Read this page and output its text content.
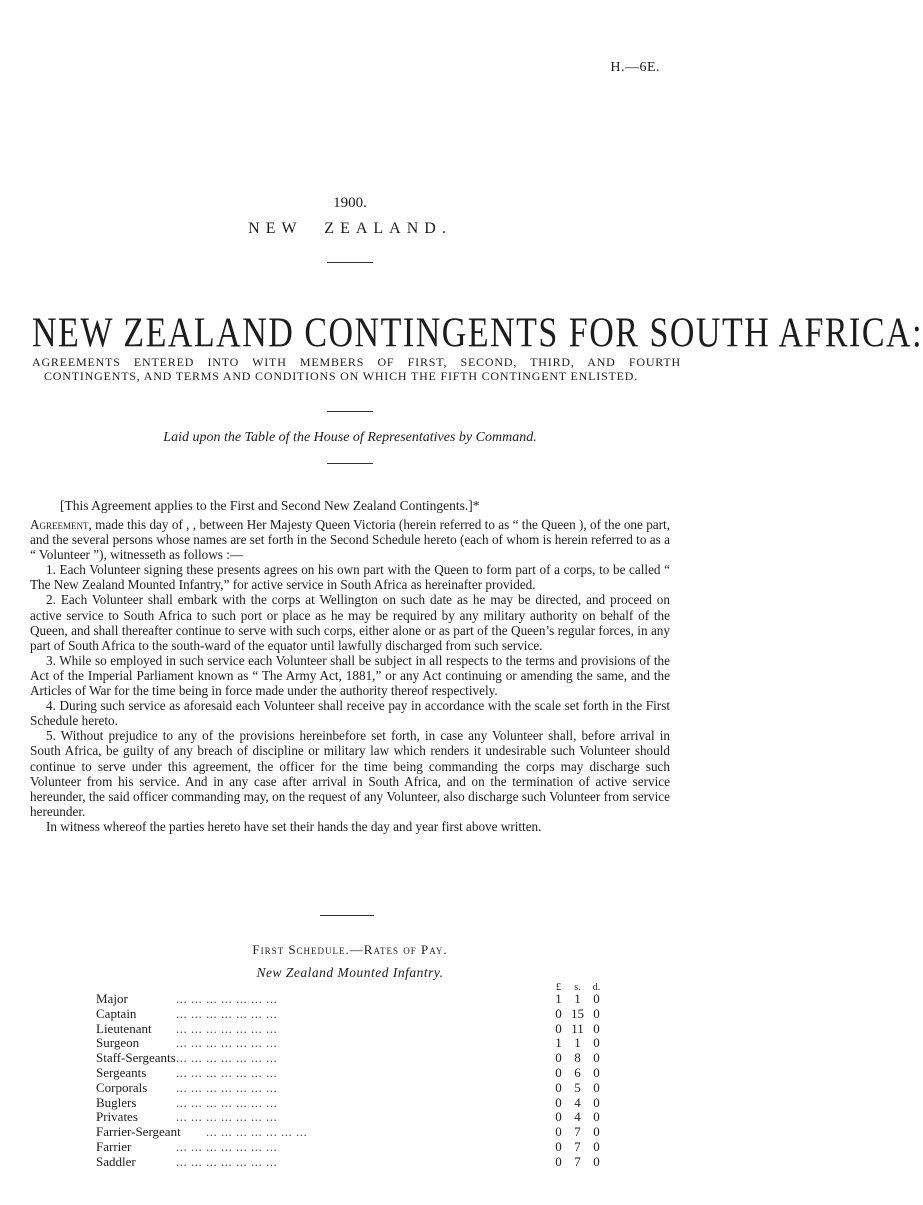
H.—6E.
1900.
NEW ZEALAND.
NEW ZEALAND CONTINGENTS FOR SOUTH AFRICA:
AGREEMENTS ENTERED INTO WITH MEMBERS OF FIRST, SECOND, THIRD, AND FOURTH CONTINGENTS, AND TERMS AND CONDITIONS ON WHICH THE FIFTH CONTINGENT ENLISTED.
Laid upon the Table of the House of Representatives by Command.
[This Agreement applies to the First and Second New Zealand Contingents.]*

Agreement, made this day of , , between Her Majesty Queen Victoria (herein referred to as “ the Queen ), of the one part, and the several persons whose names are set forth in the Second Schedule hereto (each of whom is herein referred to as a “ Volunteer ”), witnesseth as follows :—

1. Each Volunteer signing these presents agrees on his own part with the Queen to form part of a corps, to be called “ The New Zealand Mounted Infantry,” for active service in South Africa as hereinafter provided.

2. Each Volunteer shall embark with the corps at Wellington on such date as he may be directed, and proceed on active service to South Africa to such port or place as he may be required by any military authority on behalf of the Queen, and shall thereafter continue to serve with such corps, either alone or as part of the Queen’s regular forces, in any part of South Africa to the south-ward of the equator until lawfully discharged from such service.

3. While so employed in such service each Volunteer shall be subject in all respects to the terms and provisions of the Act of the Imperial Parliament known as “ The Army Act, 1881,” or any Act continuing or amending the same, and the Articles of War for the time being in force made under the authority thereof respectively.

4. During such service as aforesaid each Volunteer shall receive pay in accordance with the scale set forth in the First Schedule hereto.

5. Without prejudice to any of the provisions hereinbefore set forth, in case any Volunteer shall, before arrival in South Africa, be guilty of any breach of discipline or military law which renders it undesirable such Volunteer should continue to serve under this agreement, the officer for the time being commanding the corps may discharge such Volunteer from his service. And in any case after arrival in South Africa, and on the termination of active service hereunder, the said officer commanding may, on the request of any Volunteer, also discharge such Volunteer from service hereunder.

In witness whereof the parties hereto have set their hands the day and year first above written.

First Schedule.—Rates of Pay.
New Zealand Mounted Infantry.
£ s. d.
Major	... ... ... ... ... ... ...	1 1 0
Captain	... ... ... ... ... ... ...	0 15 0
Lieutenant ... ... ... ... ... ... ...	0 11 0
Surgeon	... ... ... ... ... ... ...	1 1 0
Staff-Sergeants ... ... ... ... ... ... ...	0 8 0
Sergeants ... ... ... ... ... ... ...	0 6 0
Corporals ... ... ... ... ... ... ...	0 5 0
Buglers	... ... ... ... ... ... ...	0 4 0
Privates	... ... ... ... ... ... ...	0 4 0
Farrier-Sergeant ... ... ... ... ... ... ...	0 7 0
Farrier	... ... ... ... ... ... ...	0 7 0
Saddler	... ... ... ... ... ... ...	0 7 0
